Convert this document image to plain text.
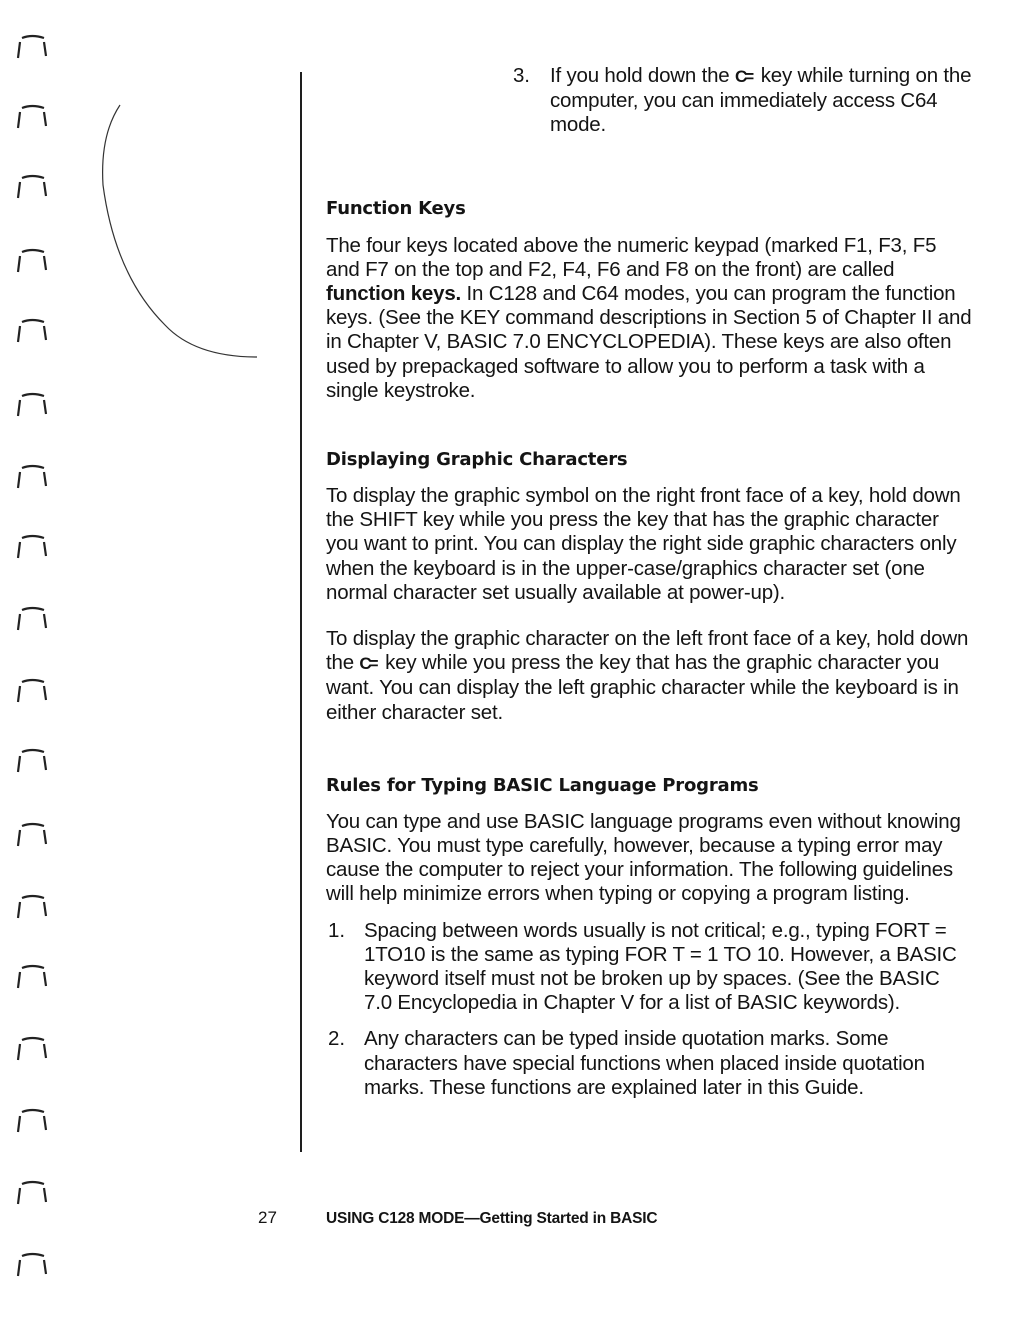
3. If you hold down the C= key while turning on the computer, you can immediately access C64 mode.
Function Keys

The four keys located above the numeric keypad (marked F1, F3, F5 and F7 on the top and F2, F4, F6 and F8 on the front) are called function keys. In C128 and C64 modes, you can program the function keys. (See the KEY command descriptions in Section 5 of Chapter II and in Chapter V, BASIC 7.0 ENCYCLOPEDIA). These keys are also often used by prepackaged software to allow you to perform a task with a single keystroke.

Displaying Graphic Characters

To display the graphic symbol on the right front face of a key, hold down the SHIFT key while you press the key that has the graphic character you want to print. You can display the right side graphic characters only when the keyboard is in the upper-case/graphics character set (one normal character set usually available at power-up).

To display the graphic character on the left front face of a key, hold down the C= key while you press the key that has the graphic character you want. You can display the left graphic character while the keyboard is in either character set.

Rules for Typing BASIC Language Programs

You can type and use BASIC language programs even without knowing BASIC. You must type carefully, however, because a typing error may cause the computer to reject your information. The following guidelines will help minimize errors when typing or copying a program listing.

1. Spacing between words usually is not critical; e.g., typing FORT = 1TO10 is the same as typing FOR T = 1 TO 10. However, a BASIC keyword itself must not be broken up by spaces. (See the BASIC 7.0 Encyclopedia in Chapter V for a list of BASIC keywords).
2. Any characters can be typed inside quotation marks. Some characters have special functions when placed inside quotation marks. These functions are explained later in this Guide.
27	USING C128 MODE—Getting Started in BASIC
